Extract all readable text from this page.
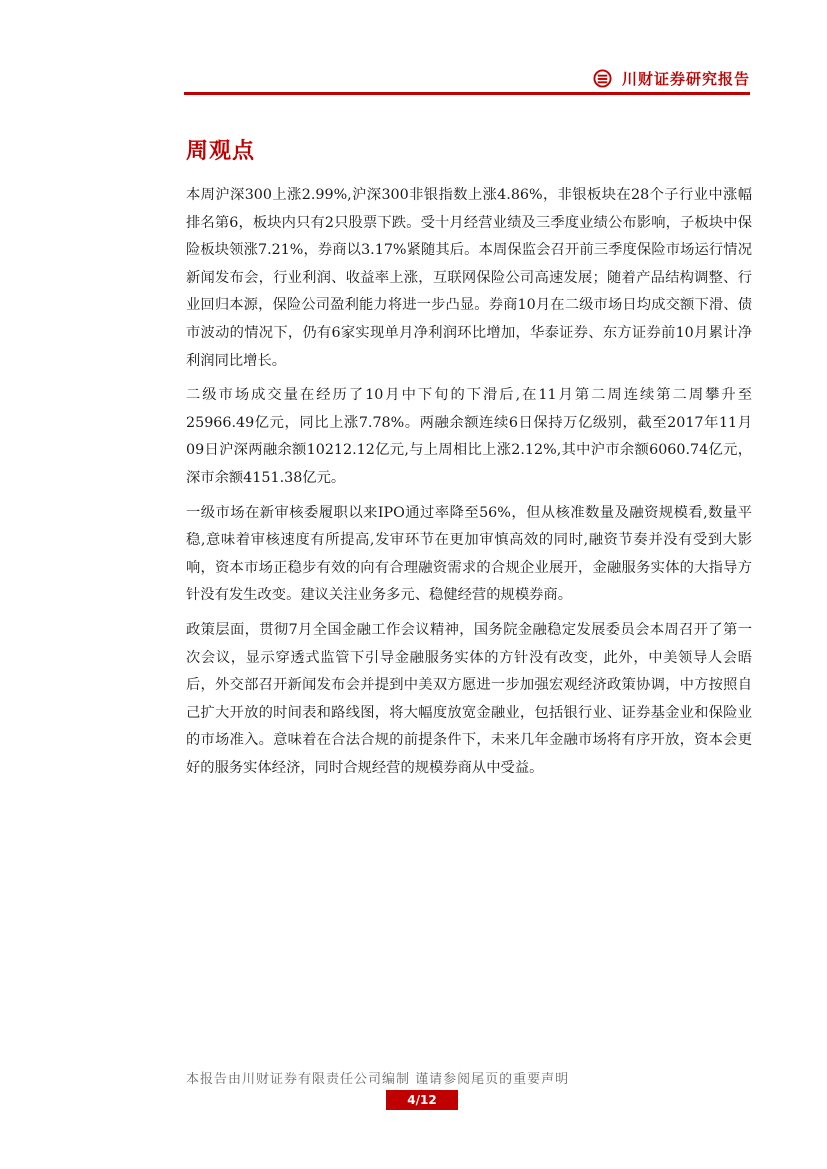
川财证券研究报告
周观点

本周沪深300上涨2.99%,沪深300非银指数上涨4.86%，非银板块在28个子行业中涨幅排名第6，板块内只有2只股票下跌。受十月经营业绩及三季度业绩公布影响，子板块中保险板块领涨7.21%，券商以3.17%紧随其后。本周保监会召开前三季度保险市场运行情况新闻发布会，行业利润、收益率上涨，互联网保险公司高速发展；随着产品结构调整、行业回归本源，保险公司盈利能力将进一步凸显。券商10月在二级市场日均成交额下滑、债市波动的情况下，仍有6家实现单月净利润环比增加，华泰证券、东方证券前10月累计净利润同比增长。

二级市场成交量在经历了10月中下旬的下滑后,在11月第二周连续第二周攀升至25966.49亿元，同比上涨7.78%。两融余额连续6日保持万亿级别，截至2017年11月09日沪深两融余额10212.12亿元,与上周相比上涨2.12%,其中沪市余额6060.74亿元，深市余额4151.38亿元。

一级市场在新审核委履职以来IPO通过率降至56%，但从核准数量及融资规模看,数量平稳,意味着审核速度有所提高,发审环节在更加审慎高效的同时,融资节奏并没有受到大影响，资本市场正稳步有效的向有合理融资需求的合规企业展开，金融服务实体的大指导方针没有发生改变。建议关注业务多元、稳健经营的规模券商。

政策层面，贯彻7月全国金融工作会议精神，国务院金融稳定发展委员会本周召开了第一次会议，显示穿透式监管下引导金融服务实体的方针没有改变，此外，中美领导人会晤后，外交部召开新闻发布会并提到中美双方愿进一步加强宏观经济政策协调，中方按照自己扩大开放的时间表和路线图，将大幅度放宽金融业，包括银行业、证券基金业和保险业的市场准入。意味着在合法合规的前提条件下，未来几年金融市场将有序开放，资本会更好的服务实体经济，同时合规经营的规模券商从中受益。

本报告由川财证券有限责任公司编制 谨请参阅尾页的重要声明
4/12
